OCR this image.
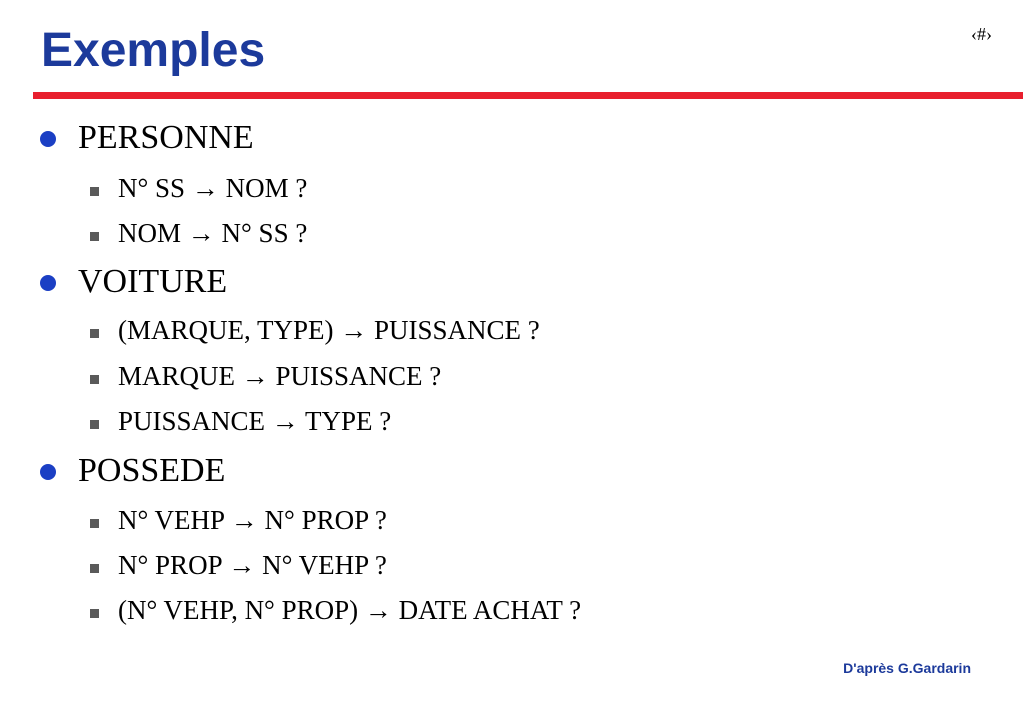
Exemples	‹#›
PERSONNE
N° SS → NOM ?
NOM → N° SS ?
VOITURE
(MARQUE, TYPE) → PUISSANCE ?
MARQUE → PUISSANCE ?
PUISSANCE → TYPE ?
POSSEDE
N° VEHP → N° PROP ?
N° PROP → N° VEHP ?
(N° VEHP, N° PROP) → DATE ACHAT ?
D'après G.Gardarin
